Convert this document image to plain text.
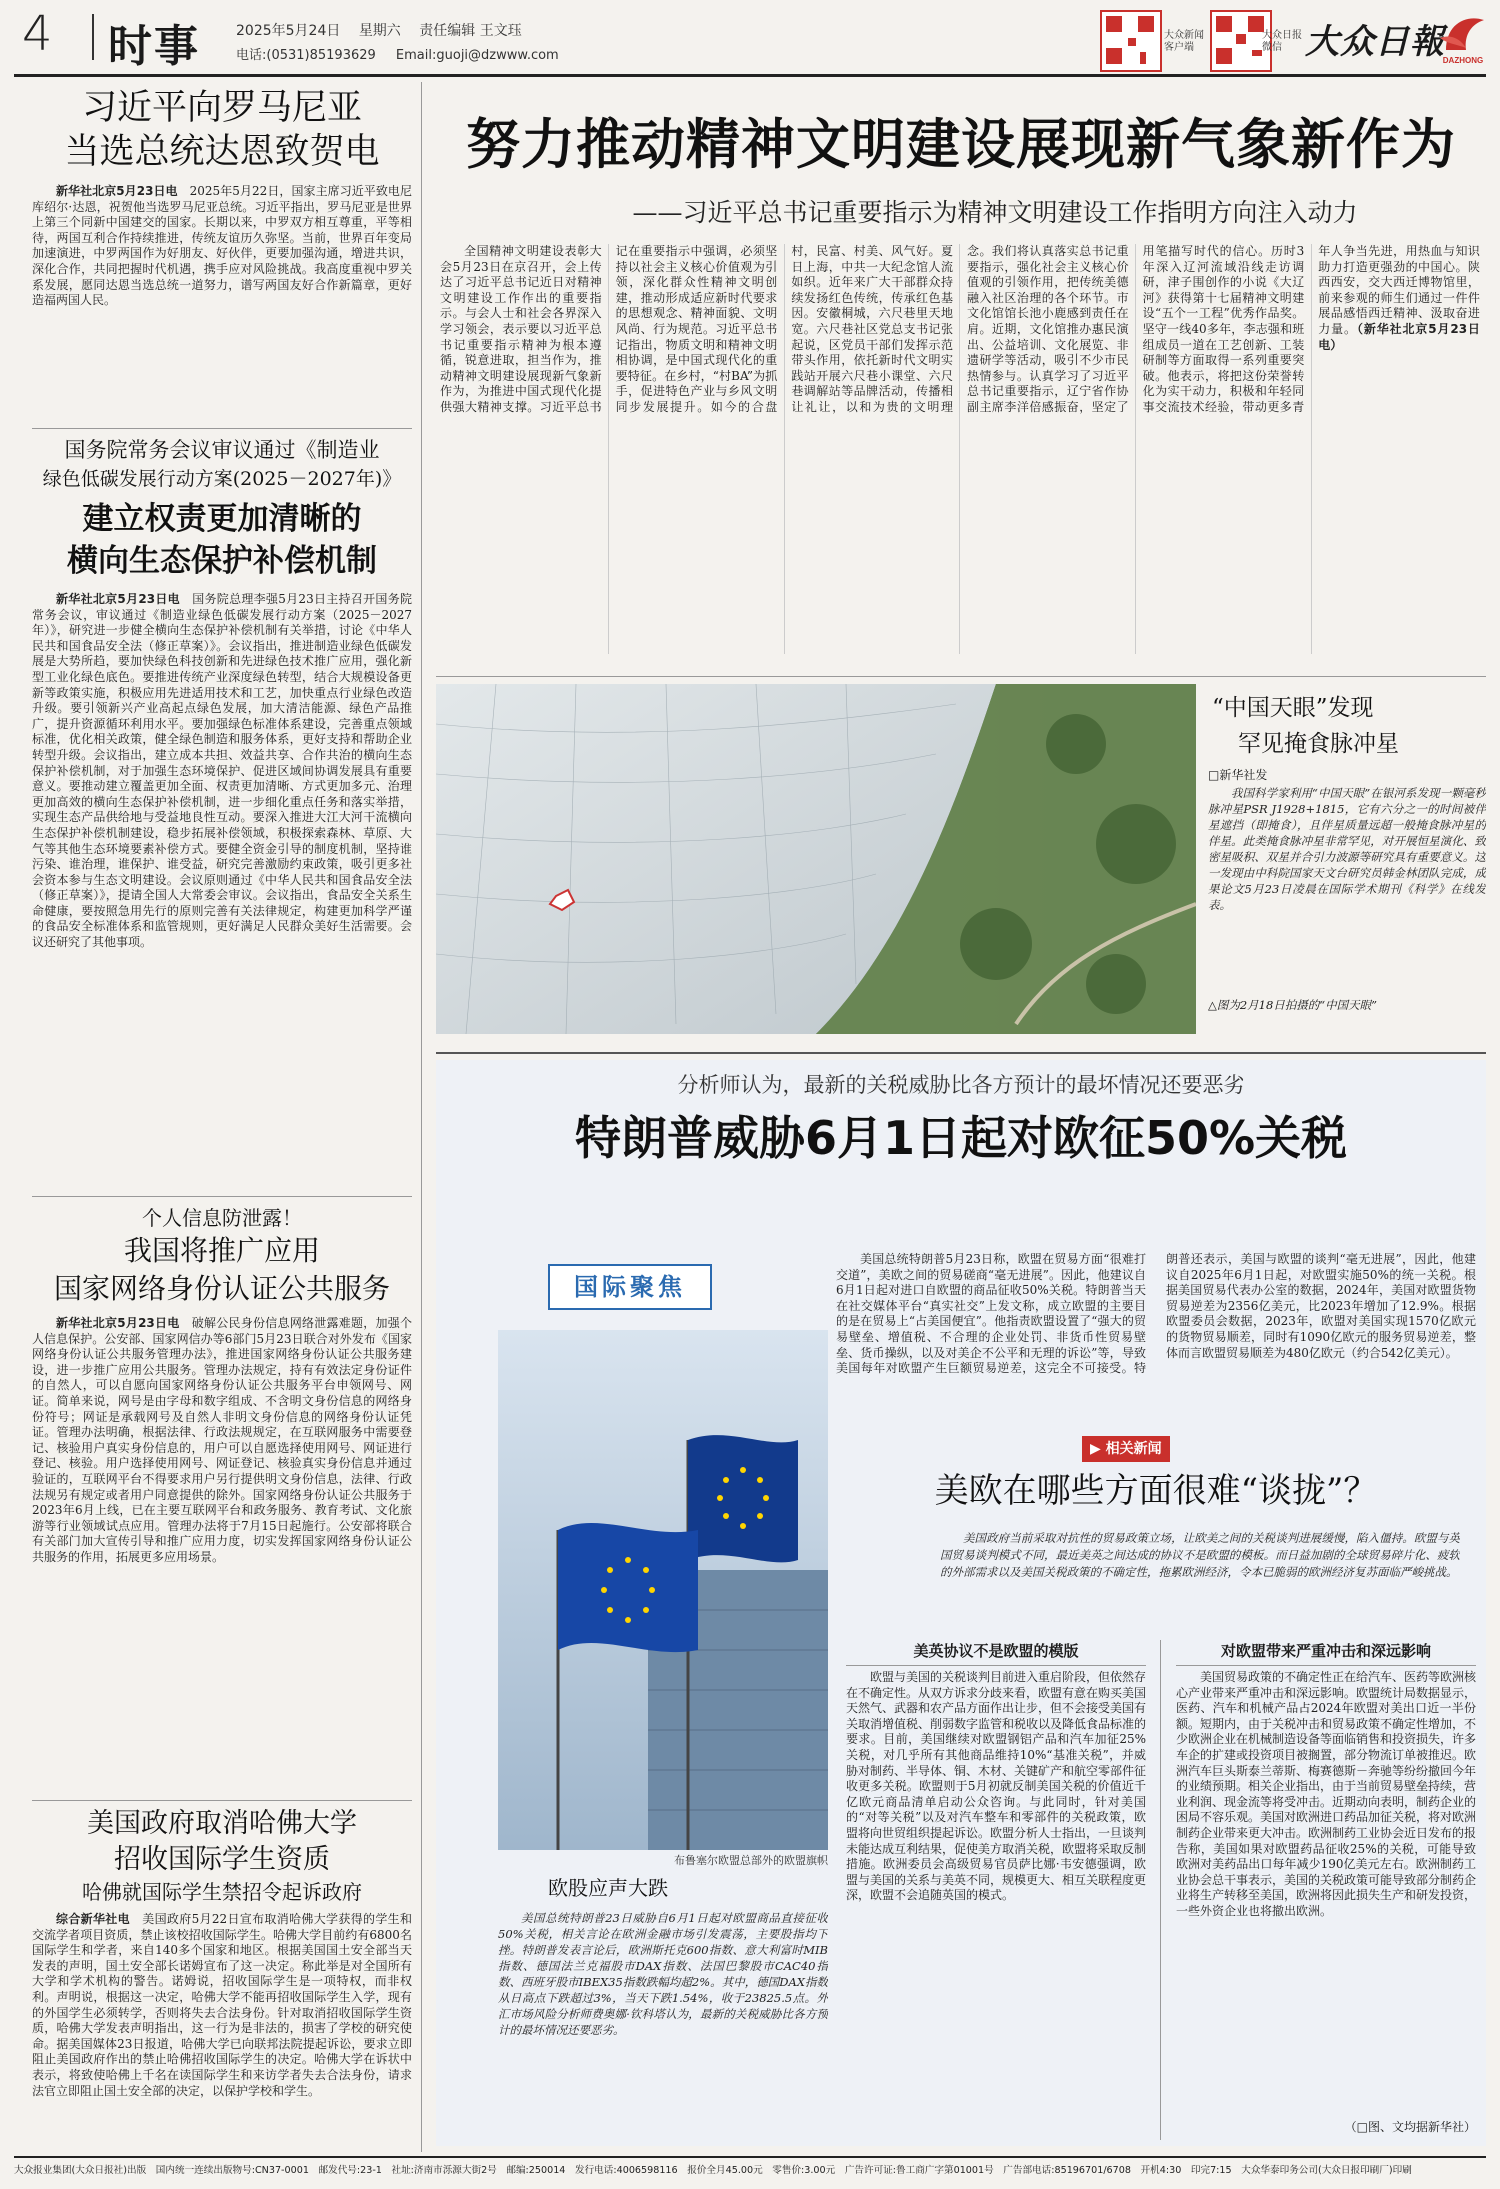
4 时事	2025年5月24日 星期六 责任编辑 王文珏
电话:(0531)85193629 Email:guoji@dzwww.com
大众新闻客户端
大众日报微信 大众日報
DAZHONG
习近平向罗马尼亚
当选总统达恩致贺电

新华社北京5月23日电　 2025年5月22日，国家主席习近平致电尼库绍尔·达恩，祝贺他当选罗马尼亚总统。习近平指出，罗马尼亚是世界上第三个同新中国建交的国家。长期以来，中罗双方相互尊重，平等相待，两国互利合作持续推进，传统友谊历久弥坚。当前，世界百年变局加速演进，中罗两国作为好朋友、好伙伴，更要加强沟通，增进共识，深化合作，共同把握时代机遇，携手应对风险挑战。我高度重视中罗关系发展，愿同达恩当选总统一道努力，谱写两国友好合作新篇章，更好造福两国人民。

国务院常务会议审议通过《制造业
绿色低碳发展行动方案(2025－2027年)》
建立权责更加清晰的
横向生态保护补偿机制

新华社北京5月23日电　 国务院总理李强5月23日主持召开国务院常务会议，审议通过《制造业绿色低碳发展行动方案（2025－2027年）》，研究进一步健全横向生态保护补偿机制有关举措，讨论《中华人民共和国食品安全法（修正草案）》。会议指出，推进制造业绿色低碳发展是大势所趋，要加快绿色科技创新和先进绿色技术推广应用，强化新型工业化绿色底色。要推进传统产业深度绿色转型，结合大规模设备更新等政策实施，积极应用先进适用技术和工艺，加快重点行业绿色改造升级。要引领新兴产业高起点绿色发展，加大清洁能源、绿色产品推广，提升资源循环利用水平。要加强绿色标准体系建设，完善重点领域标准，优化相关政策，健全绿色制造和服务体系，更好支持和帮助企业转型升级。会议指出，建立成本共担、效益共享、合作共治的横向生态保护补偿机制，对于加强生态环境保护、促进区域间协调发展具有重要意义。要推动建立覆盖更加全面、权责更加清晰、方式更加多元、治理更加高效的横向生态保护补偿机制，进一步细化重点任务和落实举措，实现生态产品供给地与受益地良性互动。要深入推进大江大河干流横向生态保护补偿机制建设，稳步拓展补偿领域，积极探索森林、草原、大气等其他生态环境要素补偿方式。要健全资金引导的制度机制，坚持谁污染、谁治理，谁保护、谁受益，研究完善激励约束政策，吸引更多社会资本参与生态文明建设。会议原则通过《中华人民共和国食品安全法（修正草案）》，提请全国人大常委会审议。会议指出，食品安全关系生命健康，要按照急用先行的原则完善有关法律规定，构建更加科学严谨的食品安全标准体系和监管规则，更好满足人民群众美好生活需要。会议还研究了其他事项。

个人信息防泄露！
我国将推广应用
国家网络身份认证公共服务

新华社北京5月23日电　 破解公民身份信息网络泄露难题，加强个人信息保护。公安部、国家网信办等6部门5月23日联合对外发布《国家网络身份认证公共服务管理办法》，推进国家网络身份认证公共服务建设，进一步推广应用公共服务。管理办法规定，持有有效法定身份证件的自然人，可以自愿向国家网络身份认证公共服务平台申领网号、网证。简单来说，网号是由字母和数字组成、不含明文身份信息的网络身份符号；网证是承载网号及自然人非明文身份信息的网络身份认证凭证。管理办法明确，根据法律、行政法规规定，在互联网服务中需要登记、核验用户真实身份信息的，用户可以自愿选择使用网号、网证进行登记、核验。用户选择使用网号、网证登记、核验真实身份信息并通过验证的，互联网平台不得要求用户另行提供明文身份信息，法律、行政法规另有规定或者用户同意提供的除外。国家网络身份认证公共服务于2023年6月上线，已在主要互联网平台和政务服务、教育考试、文化旅游等行业领域试点应用。管理办法将于7月15日起施行。公安部将联合有关部门加大宣传引导和推广应用力度，切实发挥国家网络身份认证公共服务的作用，拓展更多应用场景。

美国政府取消哈佛大学
招收国际学生资质
哈佛就国际学生禁招令起诉政府

综合新华社电　 美国政府5月22日宣布取消哈佛大学获得的学生和交流学者项目资质，禁止该校招收国际学生。哈佛大学目前约有6800名国际学生和学者，来自140多个国家和地区。根据美国国土安全部当天发表的声明，国土安全部长诺姆宣布了这一决定。称此举是对全国所有大学和学术机构的警告。诺姆说，招收国际学生是一项特权，而非权利。声明说，根据这一决定，哈佛大学不能再招收国际学生入学，现有的外国学生必须转学，否则将失去合法身份。针对取消招收国际学生资质，哈佛大学发表声明指出，这一行为是非法的，损害了学校的研究使命。据美国媒体23日报道，哈佛大学已向联邦法院提起诉讼，要求立即阻止美国政府作出的禁止哈佛招收国际学生的决定。哈佛大学在诉状中表示，将致使哈佛上千名在读国际学生和来访学者失去合法身份，请求法官立即阻止国土安全部的决定，以保护学校和学生。

努力推动精神文明建设展现新气象新作为
——习近平总书记重要指示为精神文明建设工作指明方向注入动力

全国精神文明建设表彰大会5月23日在京召开，会上传达了习近平总书记近日对精神文明建设工作作出的重要指示。与会人士和社会各界深入学习领会，表示要以习近平总书记重要指示精神为根本遵循，锐意进取，担当作为，推动精神文明建设展现新气象新作为，为推进中国式现代化提供强大精神支撑。习近平总书记在重要指示中强调，必须坚持以社会主义核心价值观为引领，深化群众性精神文明创建，推动形成适应新时代要求的思想观念、精神面貌、文明风尚、行为规范。习近平总书记指出，物质文明和精神文明相协调，是中国式现代化的重要特征。在乡村，“村BA”为抓手，促进特色产业与乡风文明同步发展提升。如今的合盘村，民富、村美、风气好。夏日上海，中共一大纪念馆人流如织。近年来广大干部群众持续发扬红色传统，传承红色基因。安徽桐城，六尺巷里天地宽。六尺巷社区党总支书记张起说，区党员干部们发挥示范带头作用，依托新时代文明实践站开展六尺巷小课堂、六尺巷调解站等品牌活动，传播相让礼让，以和为贵的文明理念。我们将认真落实总书记重要指示，强化社会主义核心价值观的引领作用，把传统美德融入社区治理的各个环节。市文化馆馆长池小鹿感到责任在肩。近期，文化馆推办惠民演出、公益培训、文化展览、非遗研学等活动，吸引不少市民热情参与。认真学习了习近平总书记重要指示，辽宁省作协副主席李洋倍感振奋，坚定了用笔描写时代的信心。历时3年深入辽河流域沿线走访调研，津子围创作的小说《大辽河》获得第十七届精神文明建设“五个一工程”优秀作品奖。坚守一线40多年，李志强和班组成员一道在工艺创新、工装研制等方面取得一系列重要突破。他表示，将把这份荣誉转化为实干动力，积极和年轻同事交流技术经验，带动更多青年人争当先进，用热血与知识助力打造更强劲的中国心。陕西西安，交大西迁博物馆里，前来参观的师生们通过一件件展品感悟西迁精神、汲取奋进力量。（新华社北京5月23日电）

“中国天眼”发现
罕见掩食脉冲星
□新华社发

我国科学家利用“中国天眼”在银河系发现一颗毫秒脉冲星PSR J1928+1815，它有六分之一的时间被伴星遮挡（即掩食），且伴星质量远超一般掩食脉冲星的伴星。此类掩食脉冲星非常罕见，对开展恒星演化、致密星吸积、双星并合引力波源等研究具有重要意义。这一发现由中科院国家天文台研究员韩金林团队完成，成果论文5月23日凌晨在国际学术期刊《科学》在线发表。

△图为2月18日拍摄的“中国天眼”
分析师认为，最新的关税威胁比各方预计的最坏情况还要恶劣
特朗普威胁6月1日起对欧征50%关税
国际聚焦

美国总统特朗普5月23日称，欧盟在贸易方面“很难打交道”，美欧之间的贸易磋商“毫无进展”。因此，他建议自6月1日起对进口自欧盟的商品征收50%关税。特朗普当天在社交媒体平台“真实社交”上发文称，成立欧盟的主要目的是在贸易上“占美国便宜”。他指责欧盟设置了“强大的贸易壁垒、增值税、不合理的企业处罚、非货币性贸易壁垒、货币操纵，以及对美企不公平和无理的诉讼”等，导致美国每年对欧盟产生巨额贸易逆差，这完全不可接受。特朗普还表示，美国与欧盟的谈判“毫无进展”，因此，他建议自2025年6月1日起，对欧盟实施50%的统一关税。根据美国贸易代表办公室的数据，2024年，美国对欧盟货物贸易逆差为2356亿美元，比2023年增加了12.9%。根据欧盟委员会数据，2023年，欧盟对美国实现1570亿欧元的货物贸易顺差，同时有1090亿欧元的服务贸易逆差，整体而言欧盟贸易顺差为480亿欧元（约合542亿美元）。

布鲁塞尔欧盟总部外的欧盟旗帜
欧股应声大跌

美国总统特朗普23日威胁自6月1日起对欧盟商品直接征收50%关税，相关言论在欧洲金融市场引发震荡，主要股指均下挫。特朗普发表言论后，欧洲斯托克600指数、意大利富时MIB指数、德国法兰克福股市DAX指数、法国巴黎股市CAC40指数、西班牙股市IBEX35指数跌幅均超2%。其中，德国DAX指数从日高点下跌超过3%，当天下跌1.54%，收于23825.5点。外汇市场风险分析师费奥娜·钦科塔认为，最新的关税威胁比各方预计的最坏情况还要恶劣。

▶ 相关新闻
美欧在哪些方面很难“谈拢”？

美国政府当前采取对抗性的贸易政策立场，让欧美之间的关税谈判进展缓慢，陷入僵持。欧盟与英国贸易谈判模式不同，最近美英之间达成的协议不是欧盟的模板。而日益加剧的全球贸易碎片化、疲软的外部需求以及美国关税政策的不确定性，拖累欧洲经济，令本已脆弱的欧洲经济复苏面临严峻挑战。

美英协议不是欧盟的模版

欧盟与美国的关税谈判目前进入重启阶段，但依然存在不确定性。从双方诉求分歧来看，欧盟有意在购买美国天然气、武器和农产品方面作出让步，但不会接受美国有关取消增值税、削弱数字监管和税收以及降低食品标准的要求。目前，美国继续对欧盟钢铝产品和汽车加征25%关税，对几乎所有其他商品维持10%“基准关税”，并威胁对制药、半导体、铜、木材、关键矿产和航空零部件征收更多关税。欧盟则于5月初就反制美国关税的价值近千亿欧元商品清单启动公众咨询。与此同时，针对美国的“对等关税”以及对汽车整车和零部件的关税政策，欧盟将向世贸组织提起诉讼。欧盟分析人士指出，一旦谈判未能达成互利结果，促使美方取消关税，欧盟将采取反制措施。欧洲委员会高级贸易官员萨比娜·韦安德强调，欧盟与美国的关系与美英不同，规模更大、相互关联程度更深，欧盟不会追随英国的模式。

对欧盟带来严重冲击和深远影响

美国贸易政策的不确定性正在给汽车、医药等欧洲核心产业带来严重冲击和深远影响。欧盟统计局数据显示，医药、汽车和机械产品占2024年欧盟对美出口近一半份额。短期内，由于关税冲击和贸易政策不确定性增加，不少欧洲企业在机械制造设备等面临销售和投资损失，许多车企的扩建或投资项目被搁置，部分物流订单被推迟。欧洲汽车巨头斯泰兰蒂斯、梅赛德斯－奔驰等纷纷撤回今年的业绩预期。相关企业指出，由于当前贸易壁垒持续，营业利润、现金流等将受冲击。近期动向表明，制药企业的困局不容乐观。美国对欧洲进口药品加征关税，将对欧洲制药企业带来更大冲击。欧洲制药工业协会近日发布的报告称，美国如果对欧盟药品征收25%的关税，可能导致欧洲对美药品出口每年减少190亿美元左右。欧洲制药工业协会总干事表示，美国的关税政策可能导致部分制药企业将生产转移至美国，欧洲将因此损失生产和研发投资，一些外资企业也将撤出欧洲。

（□图、文均据新华社）
大众报业集团(大众日报社)出版　国内统一连续出版物号:CN37-0001　邮发代号:23-1　社址:济南市泺源大街2号　邮编:250014　发行电话:4006598116　报价全月45.00元　零售价:3.00元　广告许可证:鲁工商广字第01001号　广告部电话:85196701/6708　开机4:30　印完7:15　大众华泰印务公司(大众日报印刷厂)印刷
